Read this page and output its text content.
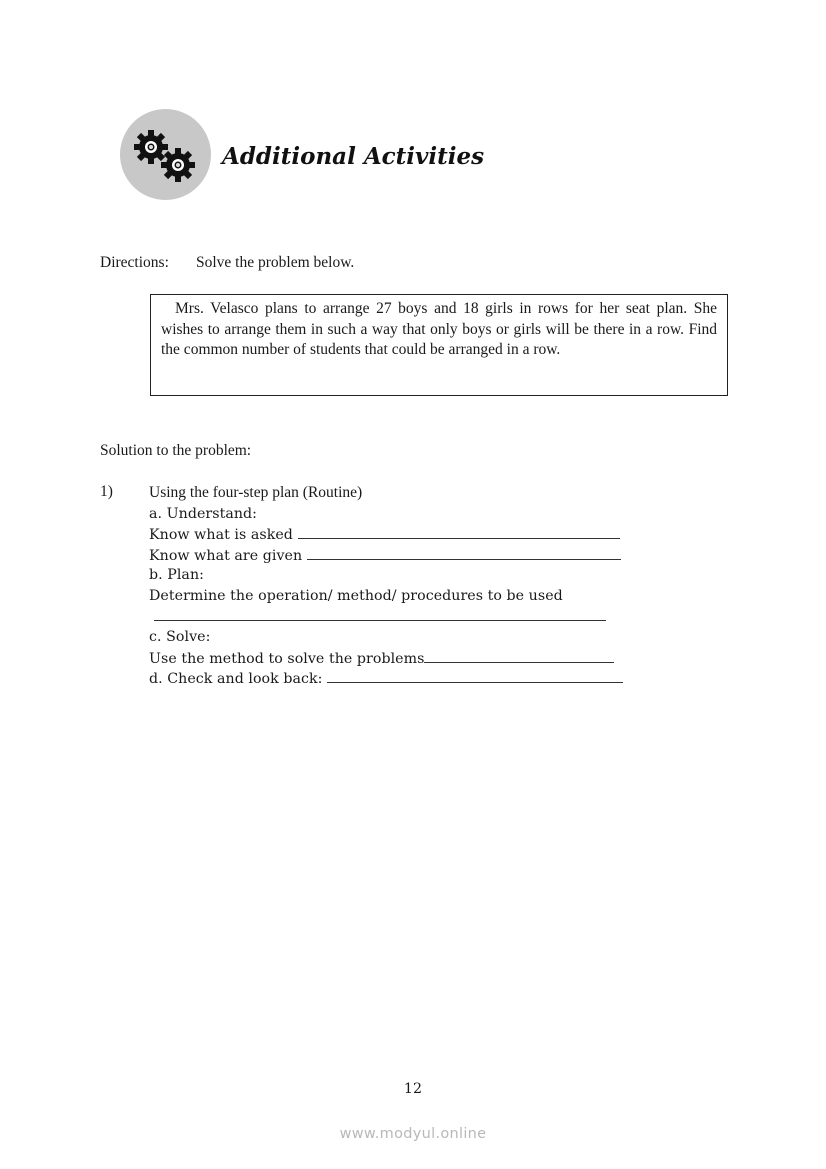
Additional Activities
Directions: Solve the problem below.

Mrs. Velasco plans to arrange 27 boys and 18 girls in rows for her seat plan. She wishes to arrange them in such a way that only boys or girls will be there in a row. Find the common number of students that could be arranged in a row.

Solution to the problem:
1) Using the four-step plan (Routine)
a. Understand:
Know what is asked
Know what are given
b. Plan:
Determine the operation/ method/ procedures to be used
c. Solve:
Use the method to solve the problems
d. Check and look back:
12
www.modyul.online
